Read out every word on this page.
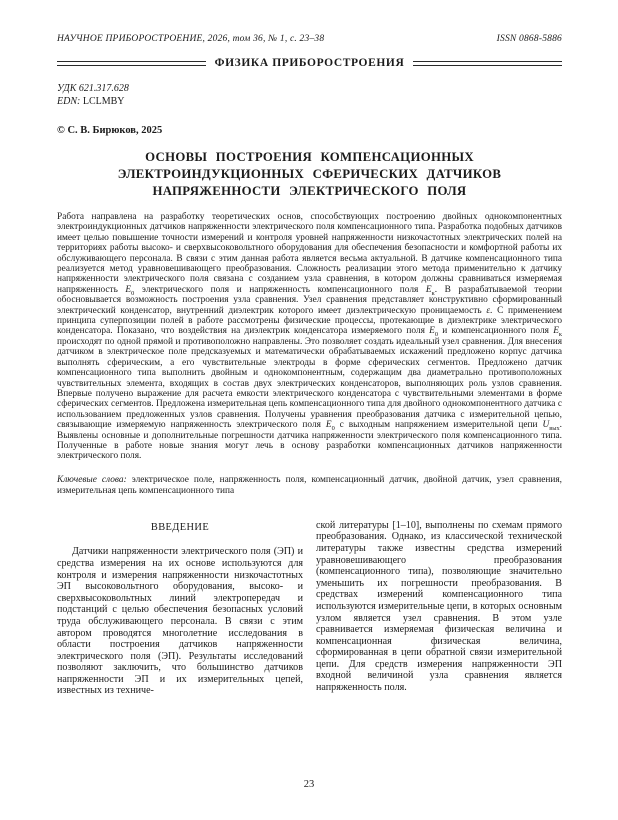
НАУЧНОЕ ПРИБОРОСТРОЕНИЕ, 2026, том 36, № 1, с. 23–38	ISSN 0868-5886
ФИЗИКА ПРИБОРОСТРОЕНИЯ
УДК 621.317.628
EDN: LCLMBY
© С. В. Бирюков, 2025
ОСНОВЫ ПОСТРОЕНИЯ КОМПЕНСАЦИОННЫХ
ЭЛЕКТРОИНДУКЦИОННЫХ СФЕРИЧЕСКИХ ДАТЧИКОВ
НАПРЯЖЕННОСТИ ЭЛЕКТРИЧЕСКОГО ПОЛЯ

Работа направлена на разработку теоретических основ, способствующих построению двойных однокомпонентных электроиндукционных датчиков напряженности электрического поля компенсационного типа. Разработка подобных датчиков имеет целью повышение точности измерений и контроля уровней напряженности низкочастотных электрических полей на территориях работы высоко- и сверхвысоковольтного оборудования для обеспечения безопасности и комфортной работы их обслуживающего персонала. В связи с этим данная работа является весьма актуальной. В датчике компенсационного типа реализуется метод уравновешивающего преобразования. Сложность реализации этого метода применительно к датчику напряженности электрического поля связана с созданием узла сравнения, в котором должны сравниваться измеряемая напряженность $E_0$ электрического поля и напряженность компенсационного поля $E_к$. В разрабатываемой теории обосновывается возможность построения узла сравнения. Узел сравнения представляет конструктивно сформированный электрический конденсатор, внутренний диэлектрик которого имеет диэлектрическую проницаемость ε. С применением принципа суперпозиции полей в работе рассмотрены физические процессы, протекающие в диэлектрике электрического конденсатора. Показано, что воздействия на диэлектрик конденсатора измеряемого поля $E_0$ и компенсационного поля $E_к$ происходят по одной прямой и противоположно направлены. Это позволяет создать идеальный узел сравнения. Для внесения датчиком в электрическое поле предсказуемых и математически обрабатываемых искажений предложено корпус датчика выполнять сферическим, а его чувствительные электроды в форме сферических сегментов. Предложено датчик компенсационного типа выполнить двойным и однокомпонентным, содержащим два диаметрально противоположных чувствительных элемента, входящих в состав двух электрических конденсаторов, выполняющих роль узлов сравнения. Впервые получено выражение для расчета емкости электрического конденсатора с чувствительными элементами в форме сферических сегментов. Предложена измерительная цепь компенсационного типа для двойного однокомпонентного датчика с использованием предложенных узлов сравнения. Получены уравнения преобразования датчика с измерительной цепью, связывающие измеряемую напряженность электрического поля $E_0$ с выходным напряжением измерительной цепи $U_{вых}$. Выявлены основные и дополнительные погрешности датчика напряженности электрического поля компенсационного типа. Полученные в работе новые знания могут лечь в основу разработки компенсационных датчиков напряженности электрического поля.

Ключевые слова: электрическое поле, напряженность поля, компенсационный датчик, двойной датчик, узел сравнения, измерительная цепь компенсационного типа

ВВЕДЕНИЕ

Датчики напряженности электрического поля (ЭП) и средства измерения на их основе используются для контроля и измерения напряженности низкочастотных ЭП высоковольтного оборудования, высоко- и сверхвысоковольтных линий электропередач и подстанций с целью обеспечения безопасных условий труда обслуживающего персонала. В связи с этим автором проводятся многолетние исследования в области построения датчиков напряженности электрического поля (ЭП). Результаты исследований позволяют заключить, что большинство датчиков напряженности ЭП и их измерительных цепей, известных из техниче-

ской литературы [1–10], выполнены по схемам прямого преобразования. Однако, из классической технической литературы также известны средства измерений уравновешивающего преобразования (компенсационного типа), позволяющие значительно уменьшить их погрешности преобразования. В средствах измерений компенсационного типа используются измерительные цепи, в которых основным узлом является узел сравнения. В этом узле сравнивается измеряемая физическая величина и компенсационная физическая величина, сформированная в цепи обратной связи измерительной цепи. Для средств измерения напряженности ЭП входной величиной узла сравнения является напряженность поля.

23
